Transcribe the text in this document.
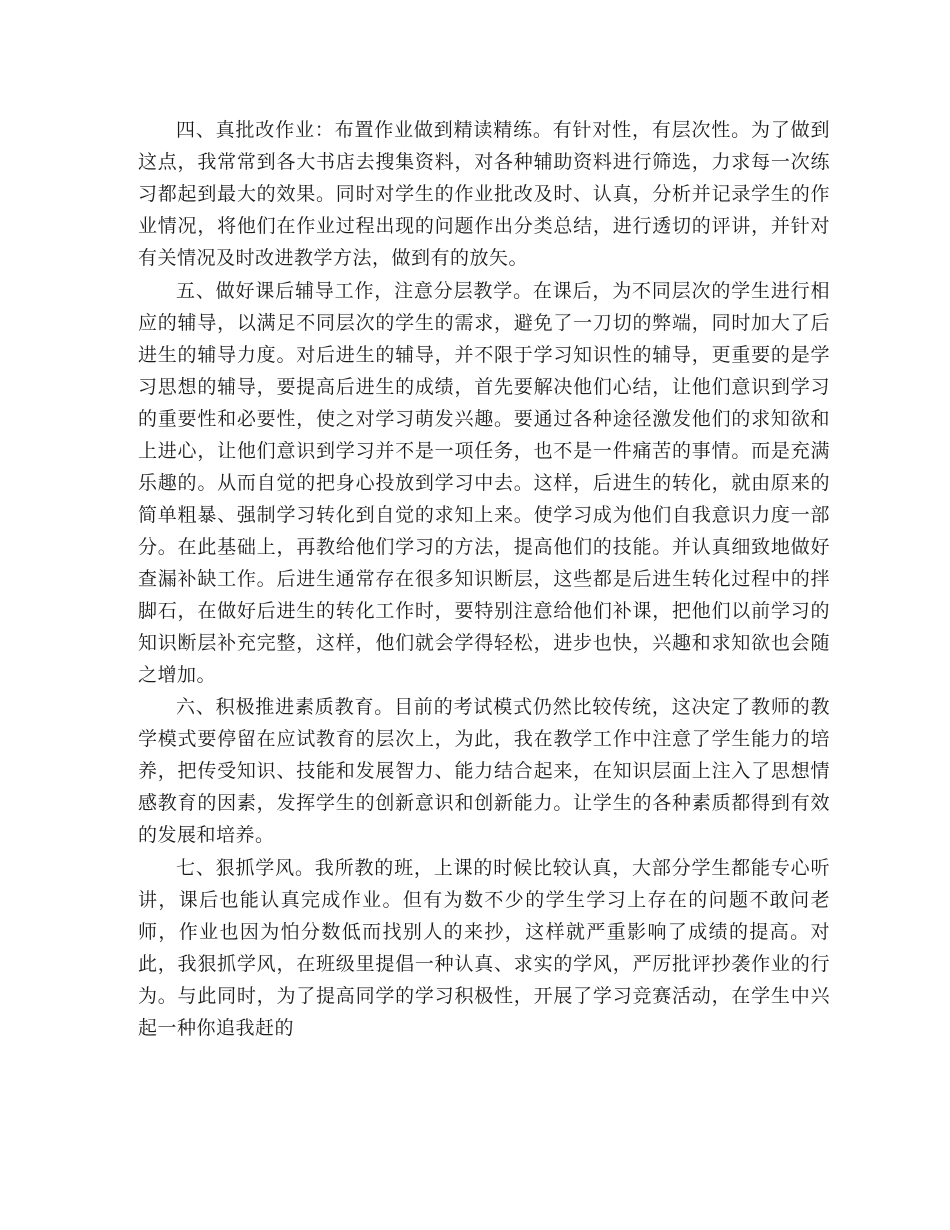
四、真批改作业：布置作业做到精读精练。有针对性，有层次性。为了做到这点，我常常到各大书店去搜集资料，对各种辅助资料进行筛选，力求每一次练习都起到最大的效果。同时对学生的作业批改及时、认真，分析并记录学生的作业情况，将他们在作业过程出现的问题作出分类总结，进行透切的评讲，并针对有关情况及时改进教学方法，做到有的放矢。

五、做好课后辅导工作，注意分层教学。在课后，为不同层次的学生进行相应的辅导，以满足不同层次的学生的需求，避免了一刀切的弊端，同时加大了后进生的辅导力度。对后进生的辅导，并不限于学习知识性的辅导，更重要的是学习思想的辅导，要提高后进生的成绩，首先要解决他们心结，让他们意识到学习的重要性和必要性，使之对学习萌发兴趣。要通过各种途径激发他们的求知欲和上进心，让他们意识到学习并不是一项任务，也不是一件痛苦的事情。而是充满乐趣的。从而自觉的把身心投放到学习中去。这样，后进生的转化，就由原来的简单粗暴、强制学习转化到自觉的求知上来。使学习成为他们自我意识力度一部分。在此基础上，再教给他们学习的方法，提高他们的技能。并认真细致地做好查漏补缺工作。后进生通常存在很多知识断层，这些都是后进生转化过程中的拌脚石，在做好后进生的转化工作时，要特别注意给他们补课，把他们以前学习的知识断层补充完整，这样，他们就会学得轻松，进步也快，兴趣和求知欲也会随之增加。

六、积极推进素质教育。目前的考试模式仍然比较传统，这决定了教师的教学模式要停留在应试教育的层次上，为此，我在教学工作中注意了学生能力的培养，把传受知识、技能和发展智力、能力结合起来，在知识层面上注入了思想情感教育的因素，发挥学生的创新意识和创新能力。让学生的各种素质都得到有效的发展和培养。

七、狠抓学风。我所教的班，上课的时候比较认真，大部分学生都能专心听讲，课后也能认真完成作业。但有为数不少的学生学习上存在的问题不敢问老师，作业也因为怕分数低而找别人的来抄，这样就严重影响了成绩的提高。对此，我狠抓学风，在班级里提倡一种认真、求实的学风，严厉批评抄袭作业的行为。与此同时，为了提高同学的学习积极性，开展了学习竞赛活动，在学生中兴起一种你追我赶的
